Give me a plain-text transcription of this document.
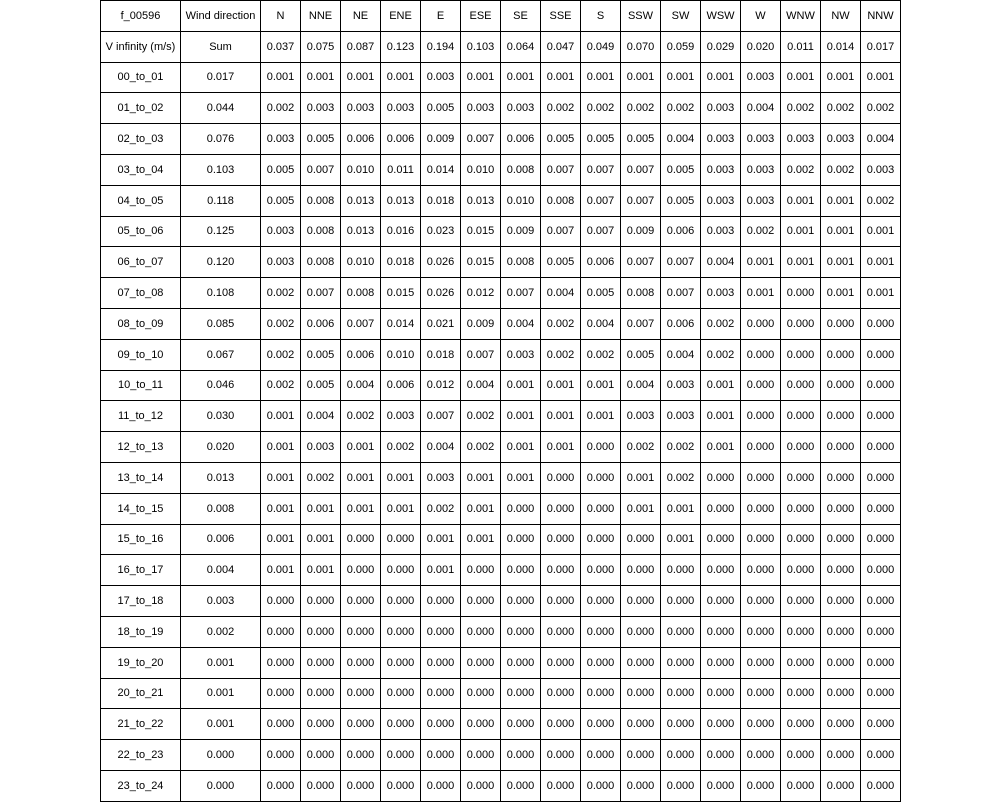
f_00596	Wind direction	N	NNE	NE	ENE	E	ESE	SE	SSE	S	SSW	SW	WSW	W	WNW	NW	NNW
V infinity (m/s)	Sum	0.037	0.075	0.087	0.123	0.194	0.103	0.064	0.047	0.049	0.070	0.059	0.029	0.020	0.011	0.014	0.017
00_to_01	0.017	0.001	0.001	0.001	0.001	0.003	0.001	0.001	0.001	0.001	0.001	0.001	0.001	0.003	0.001	0.001	0.001
01_to_02	0.044	0.002	0.003	0.003	0.003	0.005	0.003	0.003	0.002	0.002	0.002	0.002	0.003	0.004	0.002	0.002	0.002
02_to_03	0.076	0.003	0.005	0.006	0.006	0.009	0.007	0.006	0.005	0.005	0.005	0.004	0.003	0.003	0.003	0.003	0.004
03_to_04	0.103	0.005	0.007	0.010	0.011	0.014	0.010	0.008	0.007	0.007	0.007	0.005	0.003	0.003	0.002	0.002	0.003
04_to_05	0.118	0.005	0.008	0.013	0.013	0.018	0.013	0.010	0.008	0.007	0.007	0.005	0.003	0.003	0.001	0.001	0.002
05_to_06	0.125	0.003	0.008	0.013	0.016	0.023	0.015	0.009	0.007	0.007	0.009	0.006	0.003	0.002	0.001	0.001	0.001
06_to_07	0.120	0.003	0.008	0.010	0.018	0.026	0.015	0.008	0.005	0.006	0.007	0.007	0.004	0.001	0.001	0.001	0.001
07_to_08	0.108	0.002	0.007	0.008	0.015	0.026	0.012	0.007	0.004	0.005	0.008	0.007	0.003	0.001	0.000	0.001	0.001
08_to_09	0.085	0.002	0.006	0.007	0.014	0.021	0.009	0.004	0.002	0.004	0.007	0.006	0.002	0.000	0.000	0.000	0.000
09_to_10	0.067	0.002	0.005	0.006	0.010	0.018	0.007	0.003	0.002	0.002	0.005	0.004	0.002	0.000	0.000	0.000	0.000
10_to_11	0.046	0.002	0.005	0.004	0.006	0.012	0.004	0.001	0.001	0.001	0.004	0.003	0.001	0.000	0.000	0.000	0.000
11_to_12	0.030	0.001	0.004	0.002	0.003	0.007	0.002	0.001	0.001	0.001	0.003	0.003	0.001	0.000	0.000	0.000	0.000
12_to_13	0.020	0.001	0.003	0.001	0.002	0.004	0.002	0.001	0.001	0.000	0.002	0.002	0.001	0.000	0.000	0.000	0.000
13_to_14	0.013	0.001	0.002	0.001	0.001	0.003	0.001	0.001	0.000	0.000	0.001	0.002	0.000	0.000	0.000	0.000	0.000
14_to_15	0.008	0.001	0.001	0.001	0.001	0.002	0.001	0.000	0.000	0.000	0.001	0.001	0.000	0.000	0.000	0.000	0.000
15_to_16	0.006	0.001	0.001	0.000	0.000	0.001	0.001	0.000	0.000	0.000	0.000	0.001	0.000	0.000	0.000	0.000	0.000
16_to_17	0.004	0.001	0.001	0.000	0.000	0.001	0.000	0.000	0.000	0.000	0.000	0.000	0.000	0.000	0.000	0.000	0.000
17_to_18	0.003	0.000	0.000	0.000	0.000	0.000	0.000	0.000	0.000	0.000	0.000	0.000	0.000	0.000	0.000	0.000	0.000
18_to_19	0.002	0.000	0.000	0.000	0.000	0.000	0.000	0.000	0.000	0.000	0.000	0.000	0.000	0.000	0.000	0.000	0.000
19_to_20	0.001	0.000	0.000	0.000	0.000	0.000	0.000	0.000	0.000	0.000	0.000	0.000	0.000	0.000	0.000	0.000	0.000
20_to_21	0.001	0.000	0.000	0.000	0.000	0.000	0.000	0.000	0.000	0.000	0.000	0.000	0.000	0.000	0.000	0.000	0.000
21_to_22	0.001	0.000	0.000	0.000	0.000	0.000	0.000	0.000	0.000	0.000	0.000	0.000	0.000	0.000	0.000	0.000	0.000
22_to_23	0.000	0.000	0.000	0.000	0.000	0.000	0.000	0.000	0.000	0.000	0.000	0.000	0.000	0.000	0.000	0.000	0.000
23_to_24	0.000	0.000	0.000	0.000	0.000	0.000	0.000	0.000	0.000	0.000	0.000	0.000	0.000	0.000	0.000	0.000	0.000
